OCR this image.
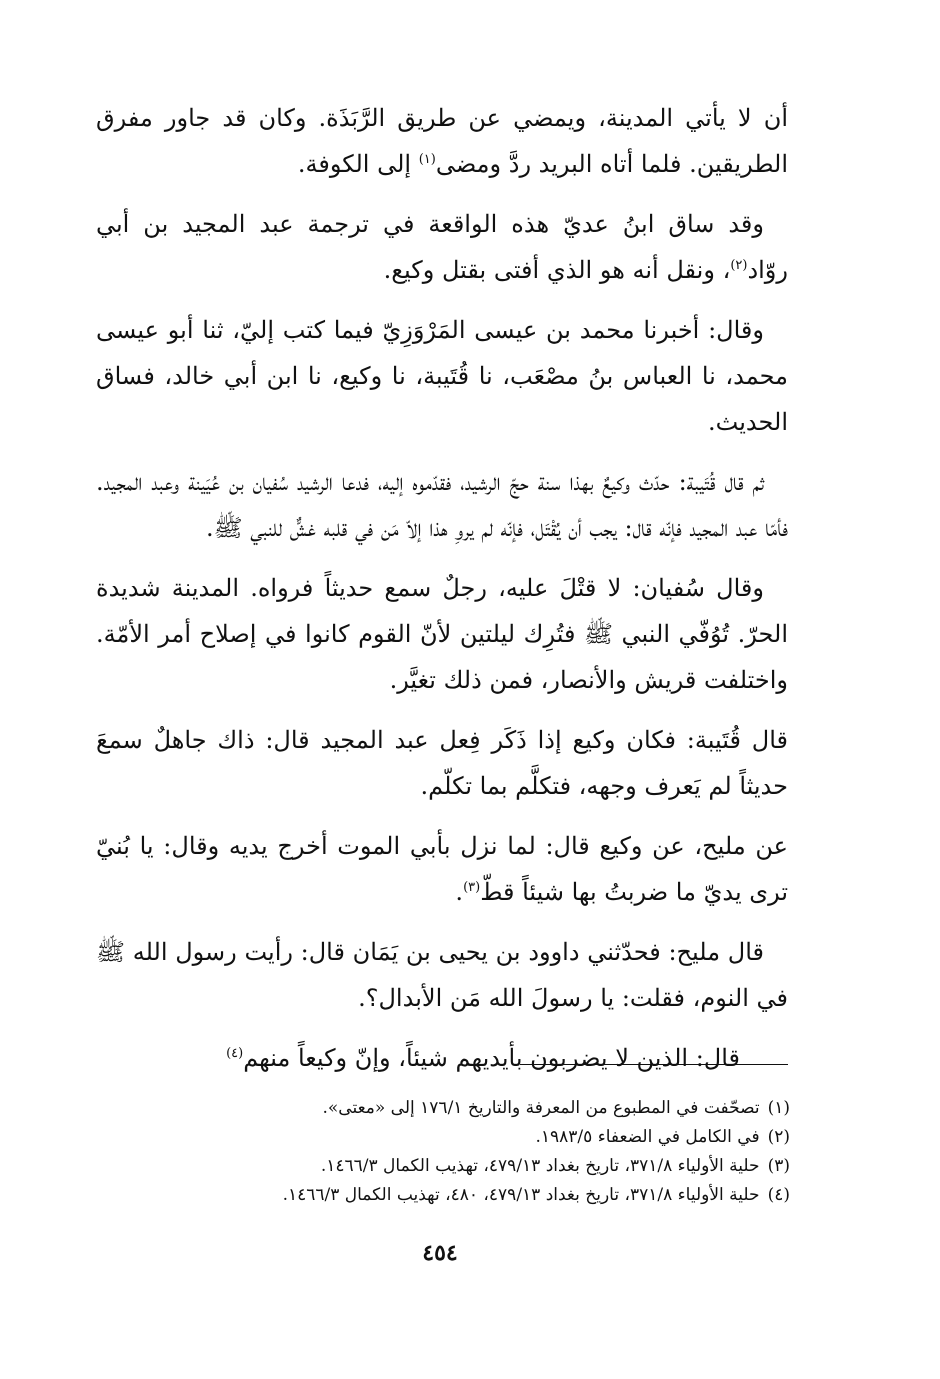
أن لا يأتي المدينة، ويمضي عن طريق الرَّبَذَة. وكان قد جاور مفرق الطريقين. فلما أتاه البريد ردَّ ومضى$^{(١)}$ إلى الكوفة.

وقد ساق ابنُ عديّ هذه الواقعة في ترجمة عبد المجيد بن أبي روّاد$^{(٢)}$، ونقل أنه هو الذي أفتى بقتل وكيع.

وقال: أخبرنا محمد بن عيسى المَرْوَزِيّ فيما كتب إليّ، ثنا أبو عيسى محمد، نا العباس بنُ مصْعَب، نا قُتَيبة، نا وكيع، نا ابن أبي خالد، فساق الحديث.

ثم قال قُتَيبة: حدّث وكيعٌ بهذا سنة حجّ الرشيد، فقدّموه إليه، فدعا الرشيد سُفيان بن عُيَينة وعبد المجيد. فأمّا عبد المجيد فإنّه قال: يجب أن يُقْتَل، فإنّه لم يروِ هذا إلاّ مَن في قلبه غشٌّ للنبي ﷺ.

وقال سُفيان: لا قتْلَ عليه، رجلٌ سمع حديثاً فرواه. المدينة شديدة الحرّ. تُوُفّي النبي ﷺ فتُرِك ليلتين لأنّ القوم كانوا في إصلاح أمر الأمّة. واختلفت قريش والأنصار، فمن ذلك تغيَّر.

قال قُتَيبة: فكان وكيع إذا ذَكَر فِعل عبد المجيد قال: ذاك جاهلٌ سمعَ حديثاً لم يَعرف وجهه، فتكلَّم بما تكلّم.

عن مليح، عن وكيع قال: لما نزل بأبي الموت أخرج يديه وقال: يا بُنيّ ترى يديّ ما ضربتُ بها شيئاً قطّ$^{(٣)}$.

قال مليح: فحدّثني داوود بن يحيى بن يَمَان قال: رأيت رسول الله ﷺ في النوم، فقلت: يا رسولَ الله مَن الأبدال؟.

قال: الذين لا يضربون بأيديهم شيئاً، وإنّ وكيعاً منهم$^{(٤)}$

(١)تصحّفت في المطبوع من المعرفة والتاريخ ١٧٦/١ إلى «معتى».
(٢)في الكامل في الضعفاء ١٩٨٣/٥.
(٣)حلية الأولياء ٣٧١/٨، تاريخ بغداد ٤٧٩/١٣، تهذيب الكمال ١٤٦٦/٣.
(٤)حلية الأولياء ٣٧١/٨، تاريخ بغداد ٤٧٩/١٣، ٤٨٠، تهذيب الكمال ١٤٦٦/٣.
٤٥٤
